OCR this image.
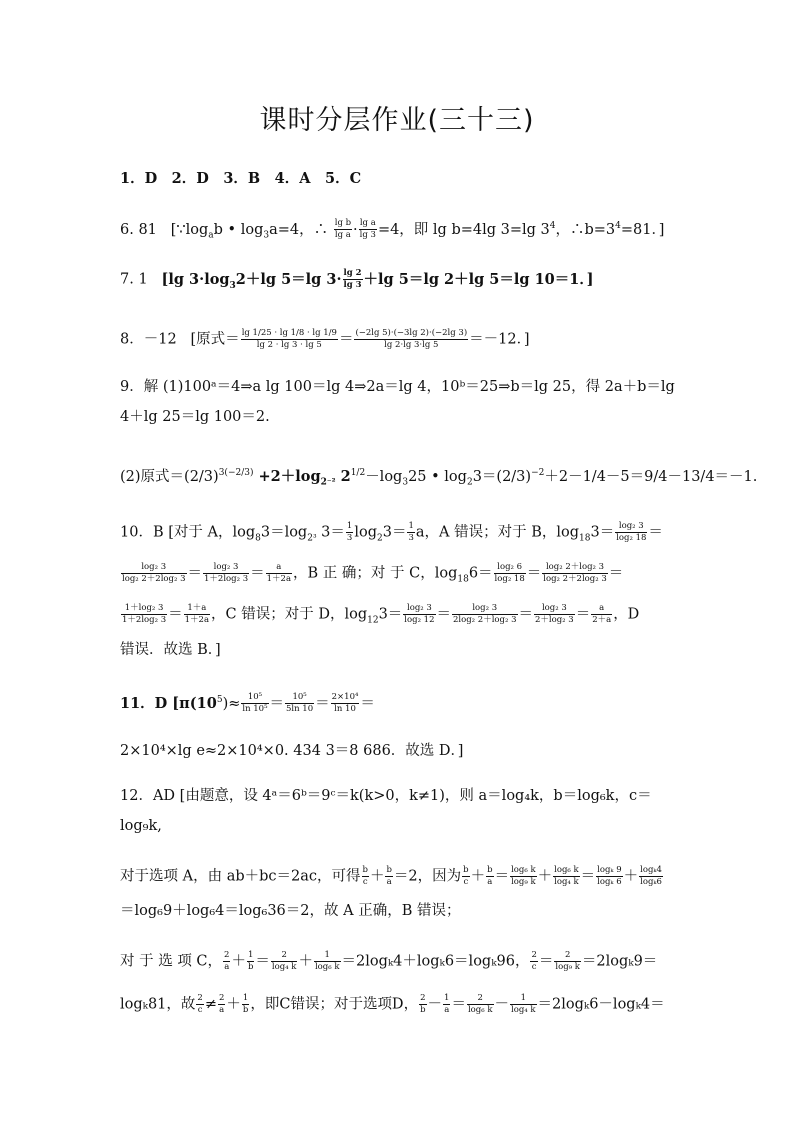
课时分层作业(三十三)
1．D　2．D　3．B　4．A　5．C
6. 81 [$\because\log_ab$ • $\log_3a=4$，∴ $\frac{\text{lg b}}{\text{lg a}} \cdot \frac{\text{lg a}}{\lg 3} =4$，即 lg b=4lg 3=lg $3^4$，$\therefore b=3^4=81$．]
7. 1 [lg $3\cdot\log_32+\lg$ 5＝lg $3\cdot \frac{\lg 2}{\lg 3} +\lg$ 5＝lg 2＋lg 5＝lg 10＝1．]
8．－12 [原式＝ $\frac{\lg 1/25 \cdot \lg 1/8 \cdot \lg 1/9}{\lg 2 \cdot \lg 3 \cdot \lg 5} = \frac{(-2\lg 5)\cdot(-3\lg 2)\cdot(-2\lg 3)}{\lg 2\cdot\lg 3\cdot\lg 5} =-12$．]
9．解 (1)100ᵃ＝4⇒a lg 100＝lg 4⇒2a＝lg 4，10ᵇ＝25⇒b＝lg 25，得 2a＋b＝lg
4＋lg 25＝lg 100＝2.
(2)原式$=(2/3)^{3(-2/3)} +2+\log_{2^{-2}}$ $2^{1/2}-\log_325$ • $\log_23=(2/3)^{-2}+2-1/4-5=9/4-13/4=-1$.
10．B [对于 A，$\log_83=\log_{2^3}$ $3= \frac{1}{3} \log_23= \frac{1}{3}$ a，A 错误；对于 B，$\log_{18}3= \frac{\text{log₂ 3}}{\text{log₂ 18}}$ ＝
$\frac{\text{log₂ 3}}{\text{log₂ 2＋2log₂ 3}} = \frac{\text{log₂ 3}}{\text{1＋2log₂ 3}} = \frac{a}{1+2a}$ ，B 正 确；对 于 C，$\log_{18}6= \frac{\text{log₂ 6}}{\text{log₂ 18}} = \frac{\text{log₂ 2＋log₂ 3}}{\text{log₂ 2＋2log₂ 3}}$ ＝
$\frac{\text{1＋log₂ 3}}{\text{1＋2log₂ 3}} = \frac{1+a}{1+2a}$ ，C 错误；对于 D，$\log_{12}3= \frac{\text{log₂ 3}}{\text{log₂ 12}} = \frac{\text{log₂ 3}}{\text{2log₂ 2＋log₂ 3}} = \frac{\text{log₂ 3}}{\text{2＋log₂ 3}} = \frac{a}{2+a}$ ，D
错误．故选 B．]
11．D [$\pi(10^5)\approx \frac{\text{10⁵}}{\text{ln 10⁵}} = \frac{\text{10⁵}}{5\ln 10} = \frac{\text{2×10⁴}}{\ln 10}$ ＝
2×10⁴×lg e≈2×10⁴×0. 434 3＝8 686．故选 D．]
12．AD [由题意，设 4ᵃ＝6ᵇ＝9ᶜ＝k(k>0，k≠1)，则 a＝log₄k，b＝log₆k，c＝
log₉k,
对于选项 A，由 ab＋bc＝2ac，可得 $\frac{b}{c} + \frac{b}{a} =2$，因为 $\frac{b}{c} + \frac{b}{a} = \frac{\text{log₆ k}}{\text{log₉ k}} + \frac{\text{log₆ k}}{\text{log₄ k}} = \frac{\text{logₖ 9}}{\text{logₖ 6}} + \frac{\text{logₖ4}}{\text{logₖ6}}$
＝log₆9＋log₆4＝log₆36＝2，故 A 正确，B 错误；
对 于 选 项 C， $\frac{2}{a} + \frac{1}{b} = \frac{2}{\text{log₄ k}} + \frac{1}{\text{log₆ k}} =2\log_k4+\log_k6=\log_k96$， $\frac{2}{c} = \frac{2}{\text{log₉ k}} =2\log_k9=$
logₖ81，故 $\frac{2}{c} \ne \frac{2}{a} + \frac{1}{b}$ ，即C错误；对于选项D， $\frac{2}{b} - \frac{1}{a} = \frac{2}{\text{log₆ k}} - \frac{1}{\text{log₄ k}} =2\log_k6-\log_k4=$
